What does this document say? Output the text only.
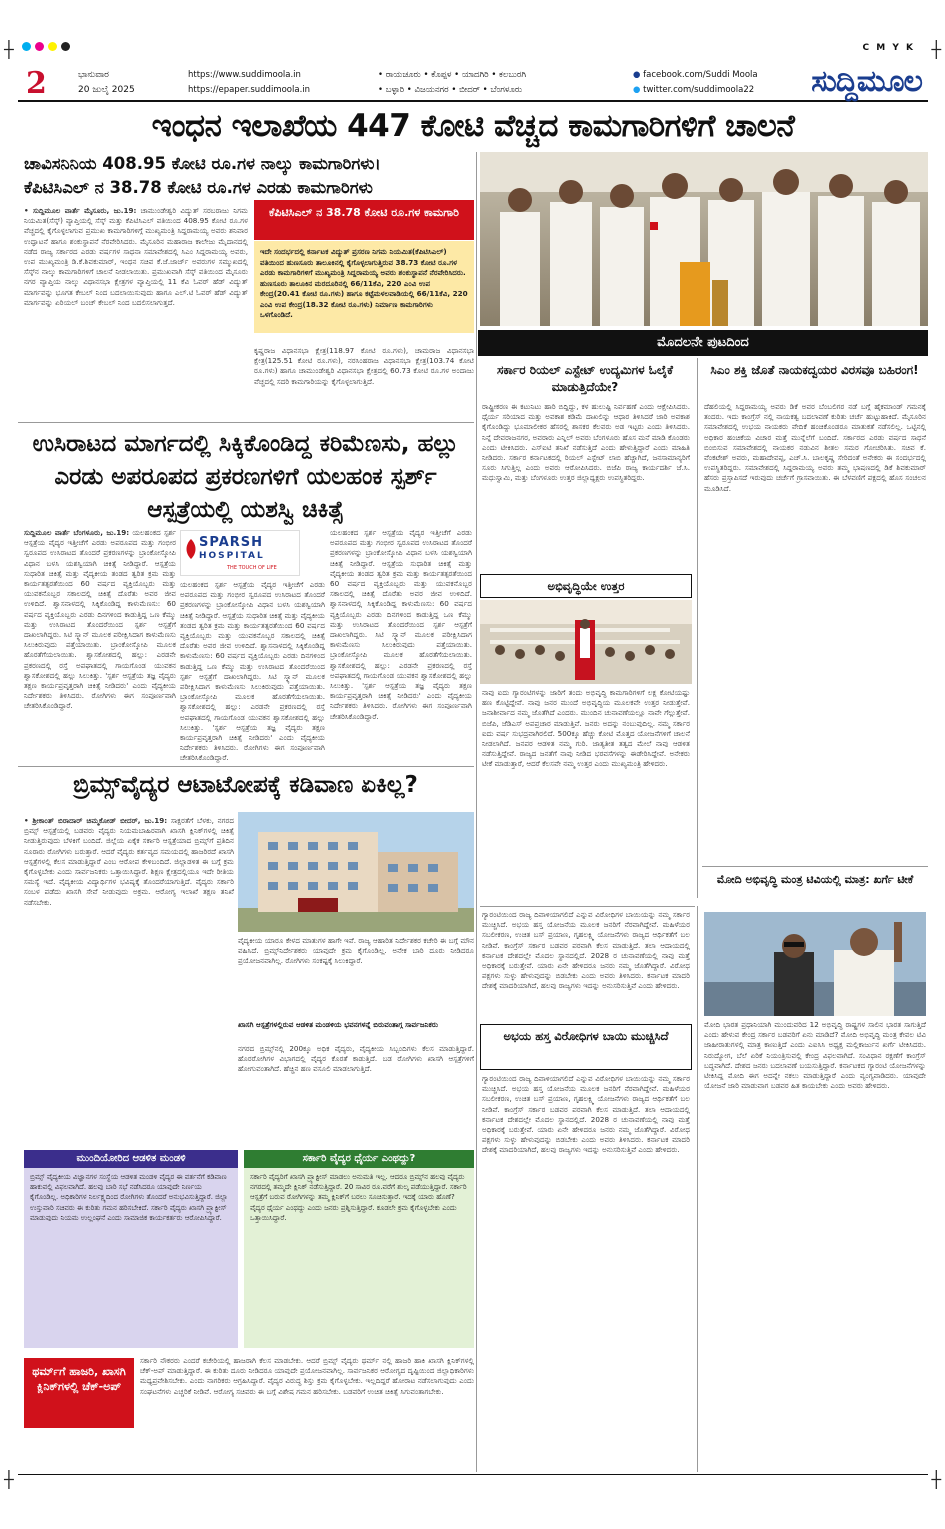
C M Y K
┼	┼
┼	┼
2	ಭಾನುವಾರ
20 ಜುಲೈ 2025
https://www.suddimoola.in
https://epaper.suddimoola.in
• ರಾಯಚೂರು • ಕೊಪ್ಪಳ • ಯಾದಗಿರಿ • ಕಲಬುರಗಿ
• ಬಳ್ಳಾರಿ • ವಿಜಯನಗರ • ಬೀದರ್ • ಬೆಂಗಳೂರು
● facebook.com/Suddi Moola
● twitter.com/suddimoola22 ಸುದ್ದಿಮೂಲ
ಇಂಧನ ಇಲಾಖೆಯ 447 ಕೋಟಿ ವೆಚ್ಚದ ಕಾಮಗಾರಿಗಳಿಗೆ ಚಾಲನೆ
ಚಾವಿಸನಿನಿಯ 408.95 ಕೋಟಿ ರೂ.ಗಳ ನಾಲ್ಕು ಕಾಮಗಾರಿಗಳು।
ಕೆಪಿಟಿಸಿಎಲ್ ನ 38.78 ಕೋಟಿ ರೂ.ಗಳ ಎರಡು ಕಾಮಗಾರಿಗಳು
• ಸುದ್ದಿಮೂಲ ವಾರ್ತೆ ಮೈಸೂರು, ಜು.19: ಚಾಮುಂಡೇಶ್ವರಿ ವಿದ್ಯುತ್ ಸರಬರಾಜು ನಿಗಮ ನಿಯಮಿತ(ಸೆಸ್ಕ್) ವ್ಯಾಪ್ತಿಯಲ್ಲಿ ಸೆಸ್ಕ್ ಮತ್ತು ಕೆಪಿಟಿಸಿಎಲ್ ವತಿಯಿಂದ 408.95 ಕೋಟಿ ರೂ.ಗಳ ವೆಚ್ಚದಲ್ಲಿ ಕೈಗೊಳ್ಳಲಾಗುವ ಪ್ರಮುಖ ಕಾಮಗಾರಿಗಳಿಗ್ಗೆ ಮುಖ್ಯಮಂತ್ರಿ ಸಿದ್ದರಾಮಯ್ಯ ಅವರು ಶನಿವಾರ ಉದ್ಘಾಟನೆ ಹಾಗೂ ಶಂಕುಸ್ಥಾಪನೆ ನೆರವೇರಿಸಿದರು. ಮೈಸೂರಿನ ಮಹಾರಾಜ ಕಾಲೇಜು ಮೈದಾನದಲ್ಲಿ ನಡೆದ ರಾಜ್ಯ ಸರ್ಕಾರದ ಎರಡು ವರ್ಷಗಳ ಸಾಧನಾ ಸಮಾವೇಶದಲ್ಲಿ ಸಿಎಂ ಸಿದ್ದರಾಮಯ್ಯ ಅವರು, ಉಪ ಮುಖ್ಯಮಂತ್ರಿ ಡಿ.ಕೆ.ಶಿವಕುಮಾರ್, ಇಂಧನ ಸಚಿವ ಕೆ.ಜೆ.ಜಾರ್ಜ್ ಅವರುಗಳ ಸಮ್ಮುಖದಲ್ಲಿ ಸೆಸ್ಕ್‌ನ ನಾಲ್ಕು ಕಾಮಗಾರಿಗಳಿಗೆ ಚಾಲನೆ ನೀಡಲಾಯಿತು. ಪ್ರಮುಖವಾಗಿ ಸೆಸ್ಕ್ ವತಿಯಿಂದ ಮೈಸೂರು ನಗರ ವ್ಯಾಪ್ತಿಯ ನಾಲ್ಕು ವಿಧಾನಸಭಾ ಕ್ಷೇತ್ರಗಳ ವ್ಯಾಪ್ತಿಯಲ್ಲಿ 11 ಕೆವಿ ಓವರ್ ಹೆಡ್ ವಿದ್ಯುತ್ ಮಾರ್ಗವನ್ನು ಭೂಗತ ಕೇಬಲ್ ನಿಂದ ಬದಲಾಯಿಸುವುದು ಹಾಗೂ ಎಲ್.ಟಿ ಓವರ್ ಹೆಡ್ ವಿದ್ಯುತ್ ಮಾರ್ಗವನ್ನು ಏರಿಯಲ್ ಬಂಚ್ ಕೇಬಲ್ ನಿಂದ ಬದಲಿಸಲಾಗುತ್ತದೆ.
ಕೆಪಿಟಿಸಿಎಲ್ ನ 38.78 ಕೋಟಿ ರೂ.ಗಳ ಕಾಮಗಾರಿ
ಇದೇ ಸಂದರ್ಭದಲ್ಲಿ ಕರ್ನಾಟಕ ವಿದ್ಯುತ್ ಪ್ರಸರಣ ನಿಗಮ ನಿಯಮಿತ(ಕೆಪಿಟಿಸಿಎಲ್) ವತಿಯಿಂದ ಹುಣಸೂರು ತಾಲೂಕಿನಲ್ಲಿ ಕೈಗೊಳ್ಳಲಾಗುತ್ತಿರುವ 38.73 ಕೋಟಿ ರೂ.ಗಳ ಎರಡು ಕಾಮಗಾರಿಗಳಿಗೆ ಮುಖ್ಯಮಂತ್ರಿ ಸಿದ್ದರಾಮಯ್ಯ ಅವರು ಶಂಕುಸ್ಥಾಪನೆ ನೆರವೇರಿಸಿದರು. ಹುಣಸೂರು ತಾಲೂಕಿನ ಮರದೂರಿನಲ್ಲಿ 66/11ಕೆವಿ, 220 ಎಂವಿ ಉಪ ಕೇಂದ್ರ(20.41 ಕೋಟಿ ರೂ.ಗಳು) ಹಾಗೂ ಕಟ್ಟೆಮಳಲವಾಡಿಯಲ್ಲಿ 66/11ಕೆವಿ, 220 ಎಂವಿ ಉಪ ಕೇಂದ್ರ(18.32 ಕೋಟಿ ರೂ.ಗಳು) ನಿರ್ಮಾಣ ಕಾಮಗಾರಿಗಳು ಒಳಗೊಂಡಿದೆ.
ಕೃಷ್ಣರಾಜ ವಿಧಾನಸಭಾ ಕ್ಷೇತ್ರ(118.97 ಕೋಟಿ ರೂ.ಗಳು), ಚಾಮರಾಜ ವಿಧಾನಸಭಾ ಕ್ಷೇತ್ರ(125.51 ಕೋಟಿ ರೂ.ಗಳು), ನರಸಿಂಹರಾಜ ವಿಧಾನಸಭಾ ಕ್ಷೇತ್ರ(103.74 ಕೋಟಿ ರೂ.ಗಳು) ಹಾಗೂ ಚಾಮುಂಡೇಶ್ವರಿ ವಿಧಾನಸಭಾ ಕ್ಷೇತ್ರದಲ್ಲಿ 60.73 ಕೋಟಿ ರೂ.ಗಳ ಅಂದಾಜು ವೆಚ್ಚದಲ್ಲಿ ಸದರಿ ಕಾಮಗಾರಿಯನ್ನು ಕೈಗೊಳ್ಳಲಾಗುತ್ತಿದೆ.
ಮೊದಲನೇ ಪುಟದಿಂದ
ಸರ್ಕಾರ ರಿಯಲ್ ಎಸ್ಟೇಟ್ ಉದ್ಯಮಿಗಳ ಓಲೈಕೆ ಮಾಡುತ್ತಿದೆಯೇ?
ರಾಷ್ಟ್ರೀಕರಣ ಈ ಕಟುನಿಟು ಹಾರಿ ಬಿದ್ದಿದ್ದು, ಕಳ ಹುಲುಷ್ಟಿ ನಿರ್ವಹಣೆ ಎಂದು ಆಕ್ಷೇಪಿಸಿದರು. ಧೈರ್ಯ ಸರಿಯಾದ ಮತ್ತು ಅವಕಾಶ ಕಡಿಮೆ ದಾಖಲಿನ್ನು ಆಧಾರ ತಿಳಿಸಿದರೆ ಜಾರಿ ಅವಕಾಶ ಕೈಗೊಂಡಿದ್ದು ಭೂಮಾಲೀಕರ ಹೆಸರಲ್ಲಿ ಶಾಸಕರ ಕೆಲವರು ಅಡ ಇಟ್ಟರು ಎಂದು ತಿಳಿಸಿದರು. ನಿನ್ನೆ ದೇವರಾಜನಗರ, ಅವರಾರು ಎನ್ನಿಲ್ ಅವರು ಬೆಂಗಳೂರು ಹೊಸ ಮನೆ ಮಾಡಿ ಕೊಂಡರು ಎಂದು ಟೀಕಿಸಿದರು. ಎಸ್‌ಐಟಿ ತನಿಖೆ ನಡೆಸುತ್ತಿದೆ ಎಂದು ಹೇಳುತ್ತಿದ್ದಾರೆ ಎಂದು ಮಾಹಿತಿ ನೀಡಿದರು. ಸರ್ಕಾರ ಕರ್ನಾಟಕದಲ್ಲಿ ರಿಯಲ್ ಎಸ್ಟೇಟ್ ಲಾಬಿ ಹೆಚ್ಚಾಗಿದೆ, ಜನಸಾಮಾನ್ಯರಿಗೆ ಸೂರು ಸಿಗುತ್ತಿಲ್ಲ ಎಂದು ಅವರು ಆರೋಪಿಸಿದರು. ಬಿಜೆಪಿ ರಾಜ್ಯ ಕಾರ್ಯದರ್ಶಿ ಜೆ.ಸಿ. ಮಧುಸ್ವಾಮಿ, ಮತ್ತು ಬೆಂಗಳೂರು ಉತ್ತರ ಜಿಲ್ಲಾಧ್ಯಕ್ಷರು ಉಪಸ್ಥಿತರಿದ್ದರು.
ಸಿಎಂ ಶಕ್ತಿ ಜೊತೆ ನಾಯಕದ್ವಯರ ವಿರಸವೂ ಬಹಿರಂಗ!
ದೆಹಲಿಯಲ್ಲಿ ಸಿದ್ದರಾಮಯ್ಯ ಅವರು ಡಿಕೆ ಅವರ ಬೆಂಬಲಿಗರ ನಡೆ ಬಗ್ಗೆ ಹೈಕಮಾಂಡ್ ಗಮನಕ್ಕೆ ತಂದರು. ಇದು ಕಾಂಗ್ರೆಸ್ ನಲ್ಲಿ ನಾಯಕತ್ವ ಬದಲಾವಣೆ ಕುರಿತು ಚರ್ಚೆ ಹುಟ್ಟುಹಾಕಿದೆ. ಮೈಸೂರಿನ ಸಮಾವೇಶದಲ್ಲಿ ಉಭಯ ನಾಯಕರು ವೇದಿಕೆ ಹಂಚಿಕೊಂಡರೂ ಮಾತುಕತೆ ನಡೆಸಲಿಲ್ಲ. ಒಟ್ಟಿನಲ್ಲಿ ಅಧಿಕಾರ ಹಂಚಿಕೆಯ ವಿಚಾರ ಮತ್ತೆ ಮುನ್ನೆಲೆಗೆ ಬಂದಿದೆ. ಸರ್ಕಾರದ ಎರಡು ವರ್ಷದ ಸಾಧನೆ ಬಿಂಬಿಸುವ ಸಮಾವೇಶದಲ್ಲಿ ನಾಯಕರ ನಡುವಿನ ಶೀತಲ ಸಮರ ಗೋಚರಿಸಿತು. ಸಚಿವ ಕೆ. ವೆಂಕಟೇಶ್ ಅವರು, ಮಹಾದೇವಪ್ಪ, ಎಚ್.ಸಿ. ಬಾಲಕೃಷ್ಣ ಸೇರಿದಂತೆ ಅನೇಕರು ಈ ಸಂದರ್ಭದಲ್ಲಿ ಉಪಸ್ಥಿತರಿದ್ದರು. ಸಮಾವೇಶದಲ್ಲಿ ಸಿದ್ದರಾಮಯ್ಯ ಅವರು ತಮ್ಮ ಭಾಷಣದಲ್ಲಿ ಡಿಕೆ ಶಿವಕುಮಾರ್ ಹೆಸರು ಪ್ರಸ್ತಾಪಿಸದೆ ಇರುವುದು ಚರ್ಚೆಗೆ ಗ್ರಾಸವಾಯಿತು. ಈ ಬೆಳವಣಿಗೆ ಪಕ್ಷದಲ್ಲಿ ಹೊಸ ಸಂಚಲನ ಮೂಡಿಸಿದೆ.
ಅಭಿವೃದ್ಧಿಯೇ ಉತ್ತರ
ನಾವು ಐದು ಗ್ಯಾರಂಟಿಗಳನ್ನು ಜಾರಿಗೆ ತಂದು ಅಭಿವೃದ್ಧಿ ಕಾಮಗಾರಿಗಳಿಗೆ ಲಕ್ಷ ಕೋಟಿಯಷ್ಟು ಹಣ ಕೊಟ್ಟಿದ್ದೇವೆ. ನಾವು ಜನರ ಮುಂದೆ ಅಭಿವೃದ್ಧಿಯ ಮೂಲಕವೇ ಉತ್ತರ ನೀಡುತ್ತೇವೆ. ಜನಾಶೀರ್ವಾದ ನಮ್ಮ ಜೊತೆಗಿದೆ ಎಂದರು. ಮುಂದಿನ ಚುನಾವಣೆಯಲ್ಲೂ ನಾವೇ ಗೆಲ್ಲುತ್ತೇವೆ. ಬಿಜೆಪಿ, ಜೆಡಿಎಸ್ ಅಪಪ್ರಚಾರ ಮಾಡುತ್ತಿವೆ. ಜನರು ಅದನ್ನು ನಂಬುವುದಿಲ್ಲ. ನಮ್ಮ ಸರ್ಕಾರ ಐದು ವರ್ಷ ಸುಭದ್ರವಾಗಿರಲಿದೆ. 500ಕ್ಕೂ ಹೆಚ್ಚು ಕೋಟಿ ಮೊತ್ತದ ಯೋಜನೆಗಳಿಗೆ ಚಾಲನೆ ನೀಡಲಾಗಿದೆ. ಜನಪರ ಆಡಳಿತ ನಮ್ಮ ಗುರಿ. ಜಾತ್ಯತೀತ ತತ್ವದ ಮೇಲೆ ನಾವು ಆಡಳಿತ ನಡೆಸುತ್ತಿದ್ದೇವೆ. ರಾಜ್ಯದ ಜನತೆಗೆ ನಾವು ನೀಡಿದ ಭರವಸೆಗಳನ್ನು ಈಡೇರಿಸಿದ್ದೇವೆ. ಅನೇಕರು ಟೀಕೆ ಮಾಡುತ್ತಾರೆ, ಆದರೆ ಕೆಲಸವೇ ನಮ್ಮ ಉತ್ತರ ಎಂದು ಮುಖ್ಯಮಂತ್ರಿ ಹೇಳಿದರು.
ಮೋದಿ ಅಭಿವೃದ್ಧಿ ಮಂತ್ರ ಟಿವಿಯಲ್ಲಿ ಮಾತ್ರ: ಖರ್ಗೆ ಟೀಕೆ
ಮೋದಿ ಭಾರತ ಪ್ರಧಾನಿಯಾಗಿ ಮುಂದುವರಿದ 12 ಅಭಿವೃದ್ಧಿ ರಾಷ್ಟ್ರಗಳ ಸಾಲಿನ ಭಾರತ ಸಾಗುತ್ತಿದೆ ಎಂದು ಹೇಳುವ ಕೇಂದ್ರ ಸರ್ಕಾರ ಬಡವರಿಗೆ ಏನು ಮಾಡಿದೆ? ಮೋದಿ ಅಭಿವೃದ್ಧಿ ಮಂತ್ರ ಕೇವಲ ಟಿವಿ ಜಾಹೀರಾತುಗಳಲ್ಲಿ ಮಾತ್ರ ಕಾಣುತ್ತಿದೆ ಎಂದು ಎಐಸಿಸಿ ಅಧ್ಯಕ್ಷ ಮಲ್ಲಿಕಾರ್ಜುನ ಖರ್ಗೆ ಟೀಕಿಸಿದರು. ನಿರುದ್ಯೋಗ, ಬೆಲೆ ಏರಿಕೆ ನಿಯಂತ್ರಿಸುವಲ್ಲಿ ಕೇಂದ್ರ ವಿಫಲವಾಗಿದೆ. ಸಂವಿಧಾನ ರಕ್ಷಣೆಗೆ ಕಾಂಗ್ರೆಸ್ ಬದ್ಧವಾಗಿದೆ. ದೇಶದ ಜನರು ಬದಲಾವಣೆ ಬಯಸುತ್ತಿದ್ದಾರೆ. ಕರ್ನಾಟಕದ ಗ್ಯಾರಂಟಿ ಯೋಜನೆಗಳನ್ನು ಟೀಕಿಸಿದ್ದ ಮೋದಿ ಈಗ ಅದನ್ನೇ ನಕಲು ಮಾಡುತ್ತಿದ್ದಾರೆ ಎಂದು ವ್ಯಂಗ್ಯವಾಡಿದರು. ಯಾವುದೇ ಯೋಜನೆ ಜಾರಿ ಮಾಡುವಾಗ ಬಡವರ ಹಿತ ಕಾಯಬೇಕು ಎಂದು ಅವರು ಹೇಳಿದರು.
ಅಭಯ ಹಸ್ತ ವಿರೋಧಿಗಳ ಬಾಯಿ ಮುಚ್ಚಿಸಿದೆ
ಗ್ಯಾರಂಟಿಯಿಂದ ರಾಜ್ಯ ದಿವಾಳಿಯಾಗಲಿದೆ ಎನ್ನುವ ವಿರೋಧಿಗಳ ಬಾಯಿಯನ್ನು ನಮ್ಮ ಸರ್ಕಾರ ಮುಚ್ಚಿಸಿದೆ. ಅಭಯ ಹಸ್ತ ಯೋಜನೆಯ ಮೂಲಕ ಜನರಿಗೆ ನೆರವಾಗಿದ್ದೇವೆ. ಮಹಿಳೆಯರ ಸಬಲೀಕರಣ, ಉಚಿತ ಬಸ್ ಪ್ರಯಾಣ, ಗೃಹಲಕ್ಷ್ಮಿ ಯೋಜನೆಗಳು ರಾಜ್ಯದ ಆರ್ಥಿಕತೆಗೆ ಬಲ ನೀಡಿವೆ. ಕಾಂಗ್ರೆಸ್ ಸರ್ಕಾರ ಬಡವರ ಪರವಾಗಿ ಕೆಲಸ ಮಾಡುತ್ತಿದೆ. ತಲಾ ಆದಾಯದಲ್ಲಿ ಕರ್ನಾಟಕ ದೇಶದಲ್ಲೇ ಮೊದಲ ಸ್ಥಾನದಲ್ಲಿದೆ. 2028 ರ ಚುನಾವಣೆಯಲ್ಲಿ ನಾವು ಮತ್ತೆ ಅಧಿಕಾರಕ್ಕೆ ಬರುತ್ತೇವೆ. ಯಾರು ಏನೇ ಹೇಳಿದರೂ ಜನರು ನಮ್ಮ ಜೊತೆಗಿದ್ದಾರೆ. ವಿರೋಧ ಪಕ್ಷಗಳು ಸುಳ್ಳು ಹೇಳುವುದನ್ನು ಬಿಡಬೇಕು ಎಂದು ಅವರು ತಿಳಿಸಿದರು. ಕರ್ನಾಟಕ ಮಾದರಿ ದೇಶಕ್ಕೆ ಮಾದರಿಯಾಗಿದೆ, ಹಲವು ರಾಜ್ಯಗಳು ಇದನ್ನು ಅನುಸರಿಸುತ್ತಿವೆ ಎಂದು ಹೇಳಿದರು.
ಗ್ಯಾರಂಟಿಯಿಂದ ರಾಜ್ಯ ದಿವಾಳಿಯಾಗಲಿದೆ ಎನ್ನುವ ವಿರೋಧಿಗಳ ಬಾಯಿಯನ್ನು ನಮ್ಮ ಸರ್ಕಾರ ಮುಚ್ಚಿಸಿದೆ. ಅಭಯ ಹಸ್ತ ಯೋಜನೆಯ ಮೂಲಕ ಜನರಿಗೆ ನೆರವಾಗಿದ್ದೇವೆ. ಮಹಿಳೆಯರ ಸಬಲೀಕರಣ, ಉಚಿತ ಬಸ್ ಪ್ರಯಾಣ, ಗೃಹಲಕ್ಷ್ಮಿ ಯೋಜನೆಗಳು ರಾಜ್ಯದ ಆರ್ಥಿಕತೆಗೆ ಬಲ ನೀಡಿವೆ. ಕಾಂಗ್ರೆಸ್ ಸರ್ಕಾರ ಬಡವರ ಪರವಾಗಿ ಕೆಲಸ ಮಾಡುತ್ತಿದೆ. ತಲಾ ಆದಾಯದಲ್ಲಿ ಕರ್ನಾಟಕ ದೇಶದಲ್ಲೇ ಮೊದಲ ಸ್ಥಾನದಲ್ಲಿದೆ. 2028 ರ ಚುನಾವಣೆಯಲ್ಲಿ ನಾವು ಮತ್ತೆ ಅಧಿಕಾರಕ್ಕೆ ಬರುತ್ತೇವೆ. ಯಾರು ಏನೇ ಹೇಳಿದರೂ ಜನರು ನಮ್ಮ ಜೊತೆಗಿದ್ದಾರೆ. ವಿರೋಧ ಪಕ್ಷಗಳು ಸುಳ್ಳು ಹೇಳುವುದನ್ನು ಬಿಡಬೇಕು ಎಂದು ಅವರು ತಿಳಿಸಿದರು. ಕರ್ನಾಟಕ ಮಾದರಿ ದೇಶಕ್ಕೆ ಮಾದರಿಯಾಗಿದೆ, ಹಲವು ರಾಜ್ಯಗಳು ಇದನ್ನು ಅನುಸರಿಸುತ್ತಿವೆ ಎಂದು ಹೇಳಿದರು.
ಉಸಿರಾಟದ ಮಾರ್ಗದಲ್ಲಿ ಸಿಕ್ಕಿಕೊಂಡಿದ್ದ ಕರಿಮೆಣಸು, ಹಲ್ಲು ಎರಡು ಅಪರೂಪದ ಪ್ರಕರಣಗಳಿಗೆ ಯಲಹಂಕ ಸ್ಪರ್ಶ್ ಆಸ್ಪತ್ರೆಯಲ್ಲಿ ಯಶಸ್ವಿ ಚಿಕಿತ್ಸೆ
ಸುದ್ದಿಮೂಲ ವಾರ್ತೆ ಬೆಂಗಳೂರು, ಜು.19: ಯಲಹಂಕದ ಸ್ಪರ್ಶ ಆಸ್ಪತ್ರೆಯ ವೈದ್ಯರ ಇತ್ತೀಚೆಗೆ ಎರಡು ಅಪರೂಪದ ಮತ್ತು ಗಂಭೀರ ಸ್ವರೂಪದ ಉಸಿರಾಟದ ತೊಂದರೆ ಪ್ರಕರಣಗಳನ್ನು ಬ್ರಾಂಕೋಸ್ಕೋಪಿ ವಿಧಾನ ಬಳಸಿ ಯಶಸ್ವಿಯಾಗಿ ಚಿಕಿತ್ಸೆ ನೀಡಿದ್ದಾರೆ. ಆಸ್ಪತ್ರೆಯ ಸುಧಾರಿತ ಚಿಕಿತ್ಸೆ ಮತ್ತು ವೈದ್ಯಕೀಯ ತಂಡದ ತ್ವರಿತ ಕ್ರಮ ಮತ್ತು ಕಾರ್ಯತತ್ಪರತೆಯಿಂದ 60 ವರ್ಷದ ವ್ಯಕ್ತಿಯೊಬ್ಬರು ಮತ್ತು ಯುವಕನೊಬ್ಬರ ಸಕಾಲದಲ್ಲಿ ಚಿಕಿತ್ಸೆ ದೊರೆತು ಅವರ ಜೀವ ಉಳಿದಿದೆ. ಶ್ವಾಸನಾಳದಲ್ಲಿ ಸಿಕ್ಕಿಕೊಂಡಿದ್ದ ಕಾಳುಮೆಣಸು: 60 ವರ್ಷದ ವ್ಯಕ್ತಿಯೊಬ್ಬರು ಎರಡು ದಿನಗಳಿಂದ ಕಾಡುತ್ತಿದ್ದ ಒಣ ಕೆಮ್ಮು ಮತ್ತು ಉಸಿರಾಟದ ತೊಂದರೆಯಿಂದ ಸ್ಪರ್ಶ ಆಸ್ಪತ್ರೆಗೆ ದಾಖಲಾಗಿದ್ದರು. ಸಿಟಿ ಸ್ಕ್ಯಾನ್ ಮೂಲಕ ಪರೀಕ್ಷಿಸಿದಾಗ ಕಾಳುಮೆಣಸು ಸಿಲುಕಿರುವುದು ಪತ್ತೆಯಾಯಿತು. ಬ್ರಾಂಕೋಸ್ಕೋಪಿ ಮೂಲಕ ಹೊರತೆಗೆಯಲಾಯಿತು. ಶ್ವಾಸಕೋಶದಲ್ಲಿ ಹಲ್ಲು: ಎರಡನೇ ಪ್ರಕರಣದಲ್ಲಿ ರಸ್ತೆ ಅಪಘಾತದಲ್ಲಿ ಗಾಯಗೊಂಡ ಯುವಕನ ಶ್ವಾಸಕೋಶದಲ್ಲಿ ಹಲ್ಲು ಸಿಲುಕಿತ್ತು. 'ಸ್ಪರ್ಶ ಆಸ್ಪತ್ರೆಯ ತಜ್ಞ ವೈದ್ಯರು ತಕ್ಷಣ ಕಾರ್ಯಪ್ರವೃತ್ತರಾಗಿ ಚಿಕಿತ್ಸೆ ನೀಡಿದರು' ಎಂದು ವೈದ್ಯಕೀಯ ನಿರ್ದೇಶಕರು ತಿಳಿಸಿದರು. ರೋಗಿಗಳು ಈಗ ಸಂಪೂರ್ಣವಾಗಿ ಚೇತರಿಸಿಕೊಂಡಿದ್ದಾರೆ.
SPARSH
HOSPITAL
THE TOUCH OF LIFE
ಯಲಹಂಕದ ಸ್ಪರ್ಶ ಆಸ್ಪತ್ರೆಯ ವೈದ್ಯರ ಇತ್ತೀಚೆಗೆ ಎರಡು ಅಪರೂಪದ ಮತ್ತು ಗಂಭೀರ ಸ್ವರೂಪದ ಉಸಿರಾಟದ ತೊಂದರೆ ಪ್ರಕರಣಗಳನ್ನು ಬ್ರಾಂಕೋಸ್ಕೋಪಿ ವಿಧಾನ ಬಳಸಿ ಯಶಸ್ವಿಯಾಗಿ ಚಿಕಿತ್ಸೆ ನೀಡಿದ್ದಾರೆ. ಆಸ್ಪತ್ರೆಯ ಸುಧಾರಿತ ಚಿಕಿತ್ಸೆ ಮತ್ತು ವೈದ್ಯಕೀಯ ತಂಡದ ತ್ವರಿತ ಕ್ರಮ ಮತ್ತು ಕಾರ್ಯತತ್ಪರತೆಯಿಂದ 60 ವರ್ಷದ ವ್ಯಕ್ತಿಯೊಬ್ಬರು ಮತ್ತು ಯುವಕನೊಬ್ಬರ ಸಕಾಲದಲ್ಲಿ ಚಿಕಿತ್ಸೆ ದೊರೆತು ಅವರ ಜೀವ ಉಳಿದಿದೆ. ಶ್ವಾಸನಾಳದಲ್ಲಿ ಸಿಕ್ಕಿಕೊಂಡಿದ್ದ ಕಾಳುಮೆಣಸು: 60 ವರ್ಷದ ವ್ಯಕ್ತಿಯೊಬ್ಬರು ಎರಡು ದಿನಗಳಿಂದ ಕಾಡುತ್ತಿದ್ದ ಒಣ ಕೆಮ್ಮು ಮತ್ತು ಉಸಿರಾಟದ ತೊಂದರೆಯಿಂದ ಸ್ಪರ್ಶ ಆಸ್ಪತ್ರೆಗೆ ದಾಖಲಾಗಿದ್ದರು. ಸಿಟಿ ಸ್ಕ್ಯಾನ್ ಮೂಲಕ ಪರೀಕ್ಷಿಸಿದಾಗ ಕಾಳುಮೆಣಸು ಸಿಲುಕಿರುವುದು ಪತ್ತೆಯಾಯಿತು. ಬ್ರಾಂಕೋಸ್ಕೋಪಿ ಮೂಲಕ ಹೊರತೆಗೆಯಲಾಯಿತು. ಶ್ವಾಸಕೋಶದಲ್ಲಿ ಹಲ್ಲು: ಎರಡನೇ ಪ್ರಕರಣದಲ್ಲಿ ರಸ್ತೆ ಅಪಘಾತದಲ್ಲಿ ಗಾಯಗೊಂಡ ಯುವಕನ ಶ್ವಾಸಕೋಶದಲ್ಲಿ ಹಲ್ಲು ಸಿಲುಕಿತ್ತು. 'ಸ್ಪರ್ಶ ಆಸ್ಪತ್ರೆಯ ತಜ್ಞ ವೈದ್ಯರು ತಕ್ಷಣ ಕಾರ್ಯಪ್ರವೃತ್ತರಾಗಿ ಚಿಕಿತ್ಸೆ ನೀಡಿದರು' ಎಂದು ವೈದ್ಯಕೀಯ ನಿರ್ದೇಶಕರು ತಿಳಿಸಿದರು. ರೋಗಿಗಳು ಈಗ ಸಂಪೂರ್ಣವಾಗಿ ಚೇತರಿಸಿಕೊಂಡಿದ್ದಾರೆ.
ಯಲಹಂಕದ ಸ್ಪರ್ಶ ಆಸ್ಪತ್ರೆಯ ವೈದ್ಯರ ಇತ್ತೀಚೆಗೆ ಎರಡು ಅಪರೂಪದ ಮತ್ತು ಗಂಭೀರ ಸ್ವರೂಪದ ಉಸಿರಾಟದ ತೊಂದರೆ ಪ್ರಕರಣಗಳನ್ನು ಬ್ರಾಂಕೋಸ್ಕೋಪಿ ವಿಧಾನ ಬಳಸಿ ಯಶಸ್ವಿಯಾಗಿ ಚಿಕಿತ್ಸೆ ನೀಡಿದ್ದಾರೆ. ಆಸ್ಪತ್ರೆಯ ಸುಧಾರಿತ ಚಿಕಿತ್ಸೆ ಮತ್ತು ವೈದ್ಯಕೀಯ ತಂಡದ ತ್ವರಿತ ಕ್ರಮ ಮತ್ತು ಕಾರ್ಯತತ್ಪರತೆಯಿಂದ 60 ವರ್ಷದ ವ್ಯಕ್ತಿಯೊಬ್ಬರು ಮತ್ತು ಯುವಕನೊಬ್ಬರ ಸಕಾಲದಲ್ಲಿ ಚಿಕಿತ್ಸೆ ದೊರೆತು ಅವರ ಜೀವ ಉಳಿದಿದೆ. ಶ್ವಾಸನಾಳದಲ್ಲಿ ಸಿಕ್ಕಿಕೊಂಡಿದ್ದ ಕಾಳುಮೆಣಸು: 60 ವರ್ಷದ ವ್ಯಕ್ತಿಯೊಬ್ಬರು ಎರಡು ದಿನಗಳಿಂದ ಕಾಡುತ್ತಿದ್ದ ಒಣ ಕೆಮ್ಮು ಮತ್ತು ಉಸಿರಾಟದ ತೊಂದರೆಯಿಂದ ಸ್ಪರ್ಶ ಆಸ್ಪತ್ರೆಗೆ ದಾಖಲಾಗಿದ್ದರು. ಸಿಟಿ ಸ್ಕ್ಯಾನ್ ಮೂಲಕ ಪರೀಕ್ಷಿಸಿದಾಗ ಕಾಳುಮೆಣಸು ಸಿಲುಕಿರುವುದು ಪತ್ತೆಯಾಯಿತು. ಬ್ರಾಂಕೋಸ್ಕೋಪಿ ಮೂಲಕ ಹೊರತೆಗೆಯಲಾಯಿತು. ಶ್ವಾಸಕೋಶದಲ್ಲಿ ಹಲ್ಲು: ಎರಡನೇ ಪ್ರಕರಣದಲ್ಲಿ ರಸ್ತೆ ಅಪಘಾತದಲ್ಲಿ ಗಾಯಗೊಂಡ ಯುವಕನ ಶ್ವಾಸಕೋಶದಲ್ಲಿ ಹಲ್ಲು ಸಿಲುಕಿತ್ತು. 'ಸ್ಪರ್ಶ ಆಸ್ಪತ್ರೆಯ ತಜ್ಞ ವೈದ್ಯರು ತಕ್ಷಣ ಕಾರ್ಯಪ್ರವೃತ್ತರಾಗಿ ಚಿಕಿತ್ಸೆ ನೀಡಿದರು' ಎಂದು ವೈದ್ಯಕೀಯ ನಿರ್ದೇಶಕರು ತಿಳಿಸಿದರು. ರೋಗಿಗಳು ಈಗ ಸಂಪೂರ್ಣವಾಗಿ ಚೇತರಿಸಿಕೊಂಡಿದ್ದಾರೆ.
ಬ್ರಿಮ್ಸ್‌ವೈದ್ಯರ ಆಟಾಟೋಪಕ್ಕೆ ಕಡಿವಾಣ ಏಕಿಲ್ಲ?
• ಶ್ರೀಕಾಂತ್ ಬಿರಾದಾರ್ ಚಿಮ್ಮಕೋಡ್ ಬೀದರ್, ಜು.19: ಸಾಕ್ಷರತೆಗೆ ಬೆಳಕು, ನಗರದ ಬ್ರಿಮ್ಸ್ ಆಸ್ಪತ್ರೆಯಲ್ಲಿ ಬಡವರು ವೈದ್ಯರು ನಿಯಮಬಾಹಿರವಾಗಿ ಖಾಸಗಿ ಕ್ಲಿನಿಕ್‌ಗಳಲ್ಲಿ ಚಿಕಿತ್ಸೆ ನೀಡುತ್ತಿರುವುದು ಬೆಳಕಿಗೆ ಬಂದಿದೆ. ಜಿಲ್ಲೆಯ ಏಕೈಕ ಸರ್ಕಾರಿ ಆಸ್ಪತ್ರೆಯಾದ ಬ್ರಿಮ್ಸ್‌ಗೆ ಪ್ರತಿದಿನ ನೂರಾರು ರೋಗಿಗಳು ಬರುತ್ತಾರೆ. ಆದರೆ ವೈದ್ಯರು ಕರ್ತವ್ಯದ ಸಮಯದಲ್ಲಿ ಹಾಜರಿರದೆ ಖಾಸಗಿ ಆಸ್ಪತ್ರೆಗಳಲ್ಲಿ ಕೆಲಸ ಮಾಡುತ್ತಿದ್ದಾರೆ ಎಂಬ ಆರೋಪ ಕೇಳಿಬಂದಿದೆ. ಜಿಲ್ಲಾಡಳಿತ ಈ ಬಗ್ಗೆ ಕ್ರಮ ಕೈಗೊಳ್ಳಬೇಕು ಎಂದು ಸಾರ್ವಜನಿಕರು ಒತ್ತಾಯಿಸಿದ್ದಾರೆ. ಶಿಕ್ಷಣ ಕ್ಷೇತ್ರದಲ್ಲಿಯೂ ಇದೇ ರೀತಿಯ ಸಮಸ್ಯೆ ಇದೆ. ವೈದ್ಯಕೀಯ ವಿದ್ಯಾರ್ಥಿಗಳ ಭವಿಷ್ಯಕ್ಕೆ ತೊಂದರೆಯಾಗುತ್ತಿದೆ. ವೈದ್ಯರು ಸರ್ಕಾರಿ ಸಂಬಳ ಪಡೆದು ಖಾಸಗಿ ಸೇವೆ ನೀಡುವುದು ಅಕ್ರಮ. ಆರೋಗ್ಯ ಇಲಾಖೆ ತಕ್ಷಣ ತನಿಖೆ ನಡೆಸಬೇಕು.
ವೈದ್ಯಕೀಯ ಯಾರೂ ಕೇಳದ ಮಾತುಗಳ ಹಾಗೇ ಇವೆ. ರಾಜ್ಯ ಆಹಾರಿತ ನಿರ್ದೇಶಕರ ಕಚೇರಿ ಈ ಬಗ್ಗೆ ಮೌನ ವಹಿಸಿದೆ. ಬ್ರಿಮ್ಸ್‌ನಿರ್ದೇಶಕರು ಯಾವುದೇ ಕ್ರಮ ಕೈಗೊಂಡಿಲ್ಲ. ಅನೇಕ ಬಾರಿ ದೂರು ನೀಡಿದರೂ ಪ್ರಯೋಜನವಾಗಿಲ್ಲ. ರೋಗಿಗಳು ಸಂಕಷ್ಟಕ್ಕೆ ಸಿಲುಕಿದ್ದಾರೆ.
ಖಾಸಗಿ ಆಸ್ಪತ್ರೆಗಳಲ್ಲಿರುವ ಆಡಳಿತ ಮಂಡಳಿಯ ಭವನಗಳನ್ನೆ ಬಿರುವಂತಾಗ್ಗ ಸಾರ್ವಜನಿಕರು
ನಗರದ ಬ್ರಿಮ್ಸ್‌ನಲ್ಲಿ 200ಕ್ಕೂ ಅಧಿಕ ವೈದ್ಯರು, ವೈದ್ಯಕೀಯ ಸಿಬ್ಬಂದಿಗಳು ಕೆಲಸ ಮಾಡುತ್ತಿದ್ದಾರೆ. ಹೊರರೋಗಿಗಳ ವಿಭಾಗದಲ್ಲಿ ವೈದ್ಯರ ಕೊರತೆ ಕಾಡುತ್ತಿದೆ. ಬಡ ರೋಗಿಗಳು ಖಾಸಗಿ ಆಸ್ಪತ್ರೆಗಳಿಗೆ ಹೋಗುವಂತಾಗಿದೆ. ಹೆಚ್ಚಿನ ಹಣ ವಸೂಲಿ ಮಾಡಲಾಗುತ್ತಿದೆ.
ಮುಂದಿಯೋರಿದ ಆಡಳಿತ ಮಂಡಳಿ
ಬ್ರಿಮ್ಸ್ ವೈದ್ಯಕೀಯ ವಿಜ್ಞಾನಗಳ ಸಂಸ್ಥೆಯ ಆಡಳಿತ ಮಂಡಳಿ ವೈದ್ಯರ ಈ ವರ್ತನೆಗೆ ಕಡಿವಾಣ ಹಾಕುವಲ್ಲಿ ವಿಫಲವಾಗಿದೆ. ಹಲವು ಬಾರಿ ಸಭೆ ನಡೆಸಿದರೂ ಯಾವುದೇ ನಿರ್ಣಯ ಕೈಗೊಂಡಿಲ್ಲ. ಅಧಿಕಾರಿಗಳ ನಿರ್ಲಕ್ಷ್ಯದಿಂದ ರೋಗಿಗಳು ತೊಂದರೆ ಅನುಭವಿಸುತ್ತಿದ್ದಾರೆ. ಜಿಲ್ಲಾ ಉಸ್ತುವಾರಿ ಸಚಿವರು ಈ ಕುರಿತು ಗಮನ ಹರಿಸಬೇಕಿದೆ. ಸರ್ಕಾರಿ ವೈದ್ಯರು ಖಾಸಗಿ ಪ್ರ್ಯಾಕ್ಟೀಸ್ ಮಾಡುವುದು ನಿಯಮ ಉಲ್ಲಂಘನೆ ಎಂದು ಸಾಮಾಜಿಕ ಕಾರ್ಯಕರ್ತರು ಆರೋಪಿಸಿದ್ದಾರೆ.
ಸರ್ಕಾರಿ ವೈದ್ಯರ ಧೈರ್ಯ ಎಂಥದ್ದು?
ಸರ್ಕಾರಿ ವೈದ್ಯರಿಗೆ ಖಾಸಗಿ ಪ್ರ್ಯಾಕ್ಟೀಸ್ ಮಾಡಲು ಅನುಮತಿ ಇಲ್ಲ. ಆದರೂ ಬ್ರಿಮ್ಸ್‌ನ ಹಲವು ವೈದ್ಯರು ನಗರದಲ್ಲಿ ತಮ್ಮದೇ ಕ್ಲಿನಿಕ್ ನಡೆಸುತ್ತಿದ್ದಾರೆ. 20 ಸಾವಿರ ರೂ.ವರೆಗೆ ಶುಲ್ಕ ಪಡೆಯುತ್ತಿದ್ದಾರೆ. ಸರ್ಕಾರಿ ಆಸ್ಪತ್ರೆಗೆ ಬರುವ ರೋಗಿಗಳನ್ನು ತಮ್ಮ ಕ್ಲಿನಿಕ್‌ಗೆ ಬರಲು ಸೂಚಿಸುತ್ತಾರೆ. ಇದಕ್ಕೆ ಯಾರು ಹೊಣೆ? ವೈದ್ಯರ ಧೈರ್ಯ ಎಂಥದ್ದು ಎಂದು ಜನರು ಪ್ರಶ್ನಿಸುತ್ತಿದ್ದಾರೆ. ಕೂಡಲೇ ಕ್ರಮ ಕೈಗೊಳ್ಳಬೇಕು ಎಂದು ಒತ್ತಾಯಿಸಿದ್ದಾರೆ.
ಥರ್ಮ್‌ಗೆ ಹಾಜರಿ, ಖಾಸಗಿ ಕ್ಲಿನಿಕ್‌ಗಳಲ್ಲಿ ಚೆಕ್-ಅಪ್
ಸರ್ಕಾರಿ ನೌಕರರು ಎಂದರೆ ಕಚೇರಿಯಲ್ಲಿ ಹಾಜರಾಗಿ ಕೆಲಸ ಮಾಡಬೇಕು. ಆದರೆ ಬ್ರಿಮ್ಸ್ ವೈದ್ಯರು ಥರ್ಮ್ ನಲ್ಲಿ ಹಾಜರಿ ಹಾಕಿ ಖಾಸಗಿ ಕ್ಲಿನಿಕ್‌ಗಳಲ್ಲಿ ಚೆಕ್-ಅಪ್ ಮಾಡುತ್ತಿದ್ದಾರೆ. ಈ ಕುರಿತು ದೂರು ನೀಡಿದರೂ ಯಾವುದೇ ಪ್ರಯೋಜನವಾಗಿಲ್ಲ. ಸಾರ್ವಜನಿಕರ ಆರೋಗ್ಯದ ದೃಷ್ಟಿಯಿಂದ ಜಿಲ್ಲಾಧಿಕಾರಿಗಳು ಮಧ್ಯಪ್ರವೇಶಿಸಬೇಕು. ಎಂದು ನಾಗರಿಕರು ಆಗ್ರಹಿಸಿದ್ದಾರೆ. ವೈದ್ಯರ ವಿರುದ್ಧ ಶಿಸ್ತು ಕ್ರಮ ಕೈಗೊಳ್ಳಬೇಕು. ಇಲ್ಲದಿದ್ದರೆ ಹೋರಾಟ ನಡೆಸಲಾಗುವುದು ಎಂದು ಸಂಘಟನೆಗಳು ಎಚ್ಚರಿಕೆ ನೀಡಿವೆ. ಆರೋಗ್ಯ ಸಚಿವರು ಈ ಬಗ್ಗೆ ವಿಶೇಷ ಗಮನ ಹರಿಸಬೇಕು. ಬಡವರಿಗೆ ಉಚಿತ ಚಿಕಿತ್ಸೆ ಸಿಗುವಂತಾಗಬೇಕು.
